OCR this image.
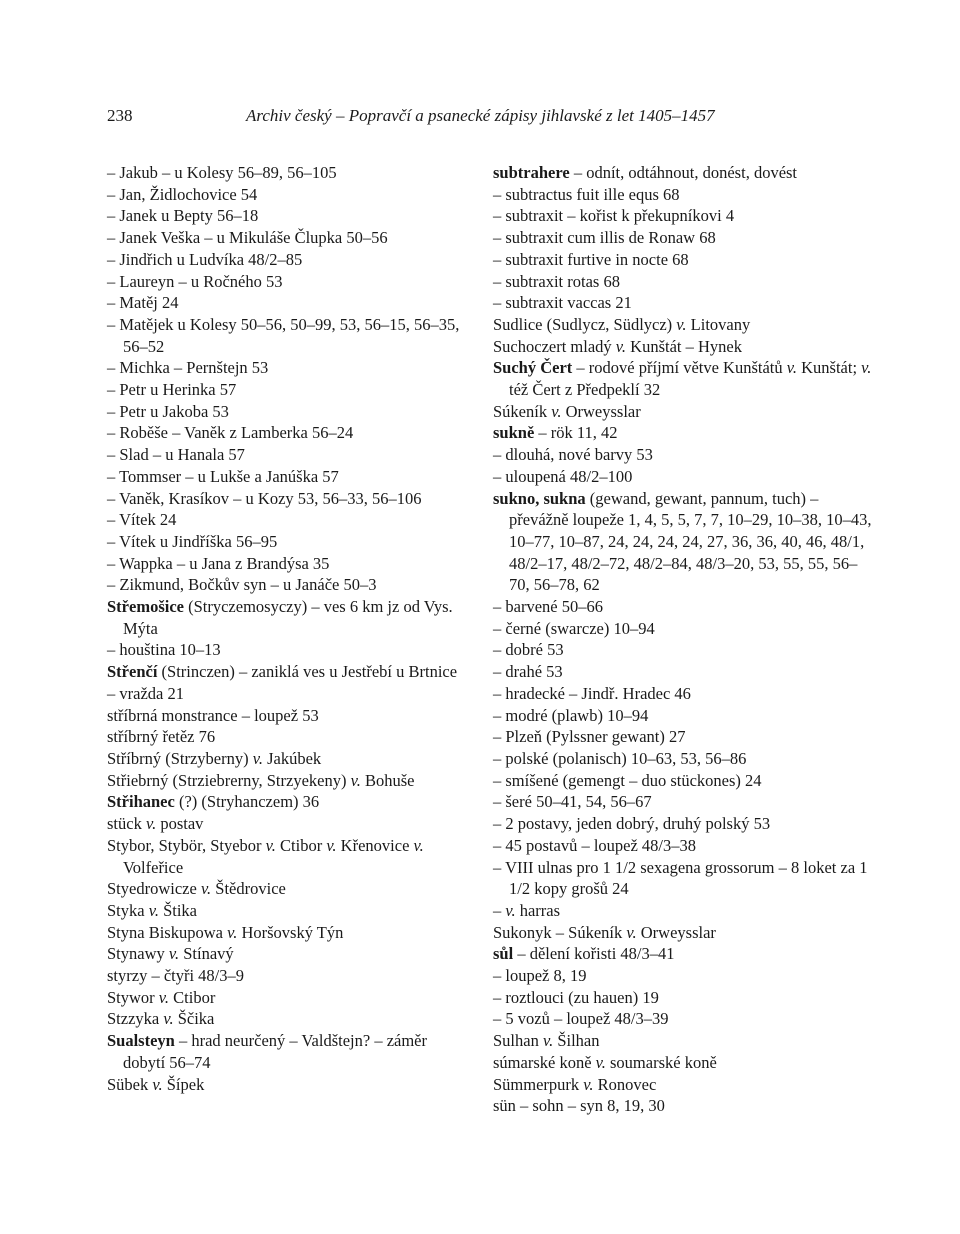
238	Archiv český – Popravčí a psanecké zápisy jihlavské z let 1405–1457
– Jakub – u Kolesy 56–89, 56–105
– Jan, Židlochovice 54
– Janek u Bepty 56–18
– Janek Veška – u Mikuláše Člupka 50–56
– Jindřich u Ludvíka 48/2–85
– Laureyn – u Ročného 53
– Matěj 24
– Matějek u Kolesy 50–56, 50–99, 53, 56–15, 56–35, 56–52
– Michka – Pernštejn 53
– Petr u Herinka 57
– Petr u Jakoba 53
– Roběše – Vaněk z Lamberka 56–24
– Slad – u Hanala 57
– Tommser – u Lukše a Janúška 57
– Vaněk, Krasíkov – u Kozy 53, 56–33, 56–106
– Vítek 24
– Vítek u Jindříška 56–95
– Wappka – u Jana z Brandýsa 35
– Zikmund, Bočkův syn – u Janáče 50–3
Střemošice (Stryczemosyczy) – ves 6 km jz od Vys. Mýta
– houština 10–13
Střenčí (Strinczen) – zaniklá ves u Jestřebí u Brtnice
– vražda 21
stříbrná monstrance – loupež 53
stříbrný řetěz 76
Stříbrný (Strzyberny) v. Jakúbek
Střiebrný (Strziebrerny, Strzyekeny) v. Bohuše
Střihanec (?) (Stryhanczem) 36
stück v. postav
Stybor, Stybör, Styebor v. Ctibor v. Křenovice v. Volfeřice
Styedrowicze v. Štědrovice
Styka v. Štika
Styna Biskupowa v. Horšovský Týn
Stynawy v. Stínavý
styrzy – čtyři 48/3–9
Stywor v. Ctibor
Stzzyka v. Ščika
Sualsteyn – hrad neurčený – Valdštejn? – záměr dobytí 56–74
Sübek v. Šípek
subtrahere – odnít, odtáhnout, donést, dovést
– subtractus fuit ille equs 68
– subtraxit – kořist k překupníkovi 4
– subtraxit cum illis de Ronaw 68
– subtraxit furtive in nocte 68
– subtraxit rotas 68
– subtraxit vaccas 21
Sudlice (Sudlycz, Südlycz) v. Litovany
Suchoczert mladý v. Kunštát – Hynek
Suchý Čert – rodové příjmí větve Kunštátů v. Kunštát; v. též Čert z Předpeklí 32
Súkeník v. Orweysslar
sukně – rök 11, 42
– dlouhá, nové barvy 53
– uloupená 48/2–100
sukno, sukna (gewand, gewant, pannum, tuch) – převážně loupeže 1, 4, 5, 5, 7, 7, 10–29, 10–38, 10–43, 10–77, 10–87, 24, 24, 24, 24, 27, 36, 36, 40, 46, 48/1, 48/2–17, 48/2–72, 48/2–84, 48/3–20, 53, 55, 55, 56–70, 56–78, 62
– barvené 50–66
– černé (swarcze) 10–94
– dobré 53
– drahé 53
– hradecké – Jindř. Hradec 46
– modré (plawb) 10–94
– Plzeň (Pylssner gewant) 27
– polské (polanisch) 10–63, 53, 56–86
– smíšené (gemengt – duo stückones) 24
– šeré 50–41, 54, 56–67
– 2 postavy, jeden dobrý, druhý polský 53
– 45 postavů – loupež 48/3–38
– VIII ulnas pro 1 1/2 sexagena grossorum – 8 loket za 1 1/2 kopy grošů 24
– v. harras
Sukonyk – Súkeník v. Orweysslar
sůl – dělení kořisti 48/3–41
– loupež 8, 19
– roztlouci (zu hauen) 19
– 5 vozů – loupež 48/3–39
Sulhan v. Šilhan
súmarské koně v. soumarské koně
Sümmerpurk v. Ronovec
sün – sohn – syn 8, 19, 30
